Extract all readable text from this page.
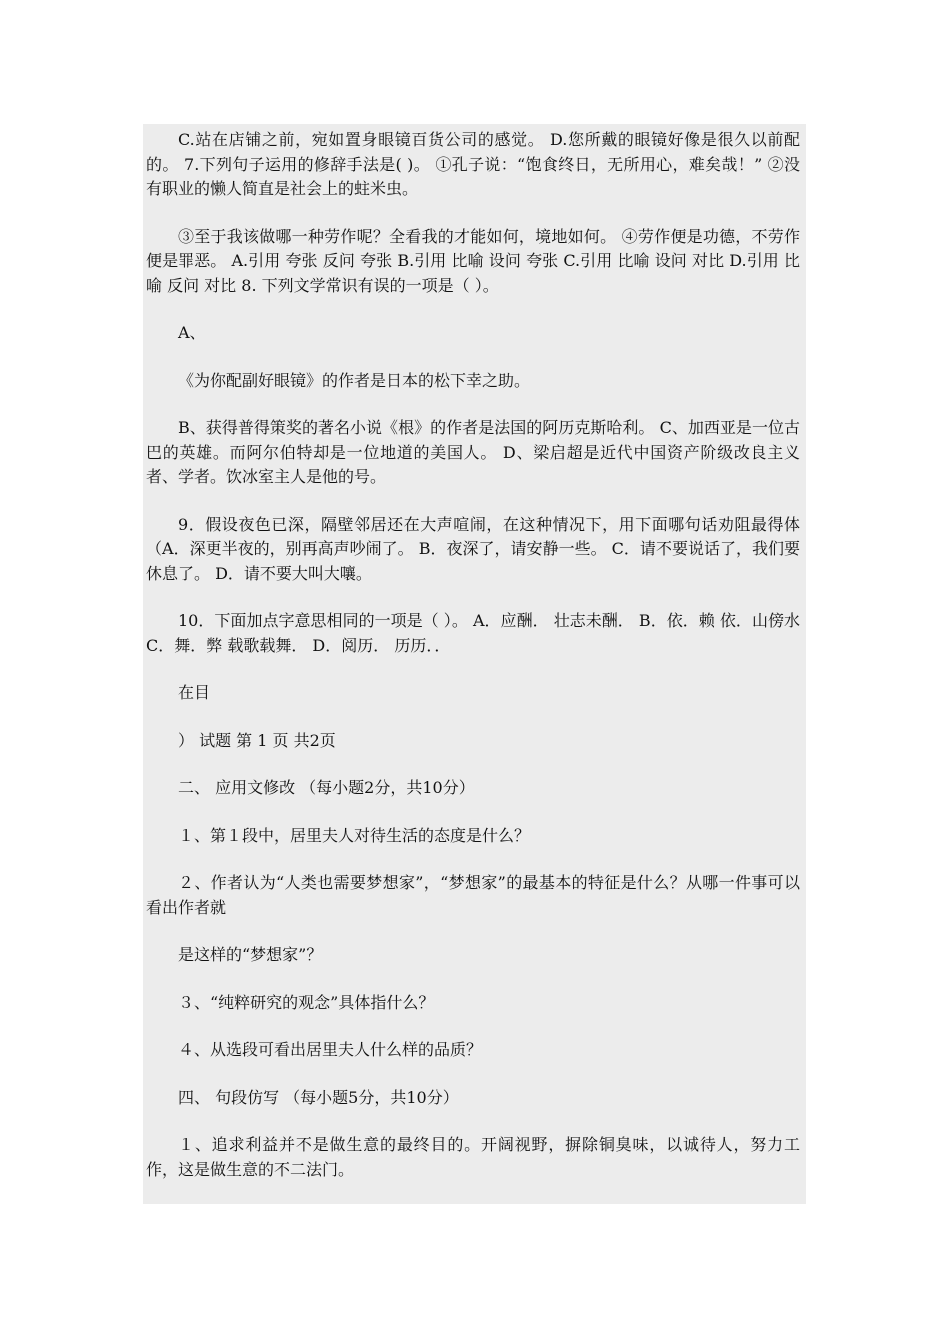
C.站在店铺之前，宛如置身眼镜百货公司的感觉。 D.您所戴的眼镜好像是很久以前配的。 7.下列句子运用的修辞手法是( )。 ①孔子说：“饱食终日，无所用心，难矣哉！” ②没有职业的懒人简直是社会上的蛀米虫。

③至于我该做哪一种劳作呢？全看我的才能如何，境地如何。 ④劳作便是功德，不劳作便是罪恶。 A.引用 夸张 反问 夸张 B.引用 比喻 设问 夸张 C.引用 比喻 设问 对比 D.引用 比喻 反问 对比 8. 下列文学常识有误的一项是（ ）。

A、

《为你配副好眼镜》的作者是日本的松下幸之助。

B、获得普得策奖的著名小说《根》的作者是法国的阿历克斯哈利。 C、加西亚是一位古巴的英雄。而阿尔伯特却是一位地道的美国人。 D、梁启超是近代中国资产阶级改良主义者、学者。饮冰室主人是他的号。

9．假设夜色已深，隔壁邻居还在大声喧闹，在这种情况下，用下面哪句话劝阻最得体（A．深更半夜的，别再高声吵闹了。 B．夜深了，请安静一些。 C．请不要说话了，我们要休息了。 D．请不要大叫大嚷。

10．下面加点字意思相同的一项是（ ）。 A．应酬． 壮志未酬． B．依．赖 依．山傍水 C．舞．弊 载歌载舞． D．阅历． 历历．．

在目

） 试题 第 1 页 共2页

二、 应用文修改 （每小题2分，共10分）

１、第１段中，居里夫人对待生活的态度是什么？

２、作者认为“人类也需要梦想家”，“梦想家”的最基本的特征是什么？从哪一件事可以看出作者就

是这样的“梦想家”？

３、“纯粹研究的观念”具体指什么？

４、从选段可看出居里夫人什么样的品质？

四、 句段仿写 （每小题5分，共10分）

１、追求利益并不是做生意的最终目的。开阔视野，摒除铜臭味，以诚待人，努力工作，这是做生意的不二法门。
